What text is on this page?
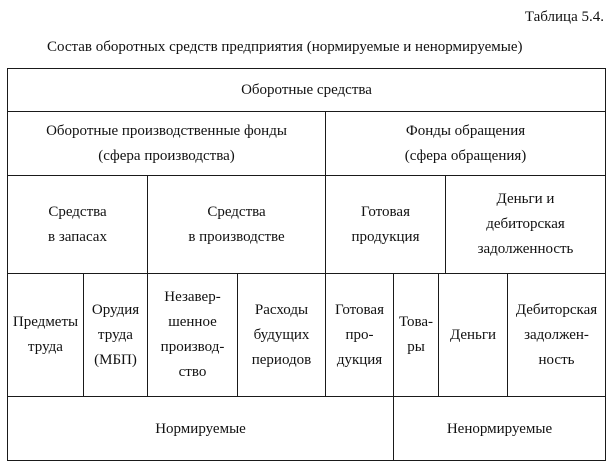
Таблица 5.4.
Состав оборотных средств предприятия (нормируемые и ненормируемые)
Оборотные средства
Оборотные производственные фонды
(сфера производства)
Фонды обращения
(сфера обращения)
Средства
в запасах
Средства
в производстве
Готовая
продукция
Деньги и
дебиторская
задолженность
Предметы
труда
Орудия
труда
(МБП)
Незавер-
шенное
производ-
ство
Расходы
будущих
периодов
Готовая
про-
дукция
Това-
ры
Деньги
Дебиторская
задолжен-
ность
Нормируемые	Ненормируемые
